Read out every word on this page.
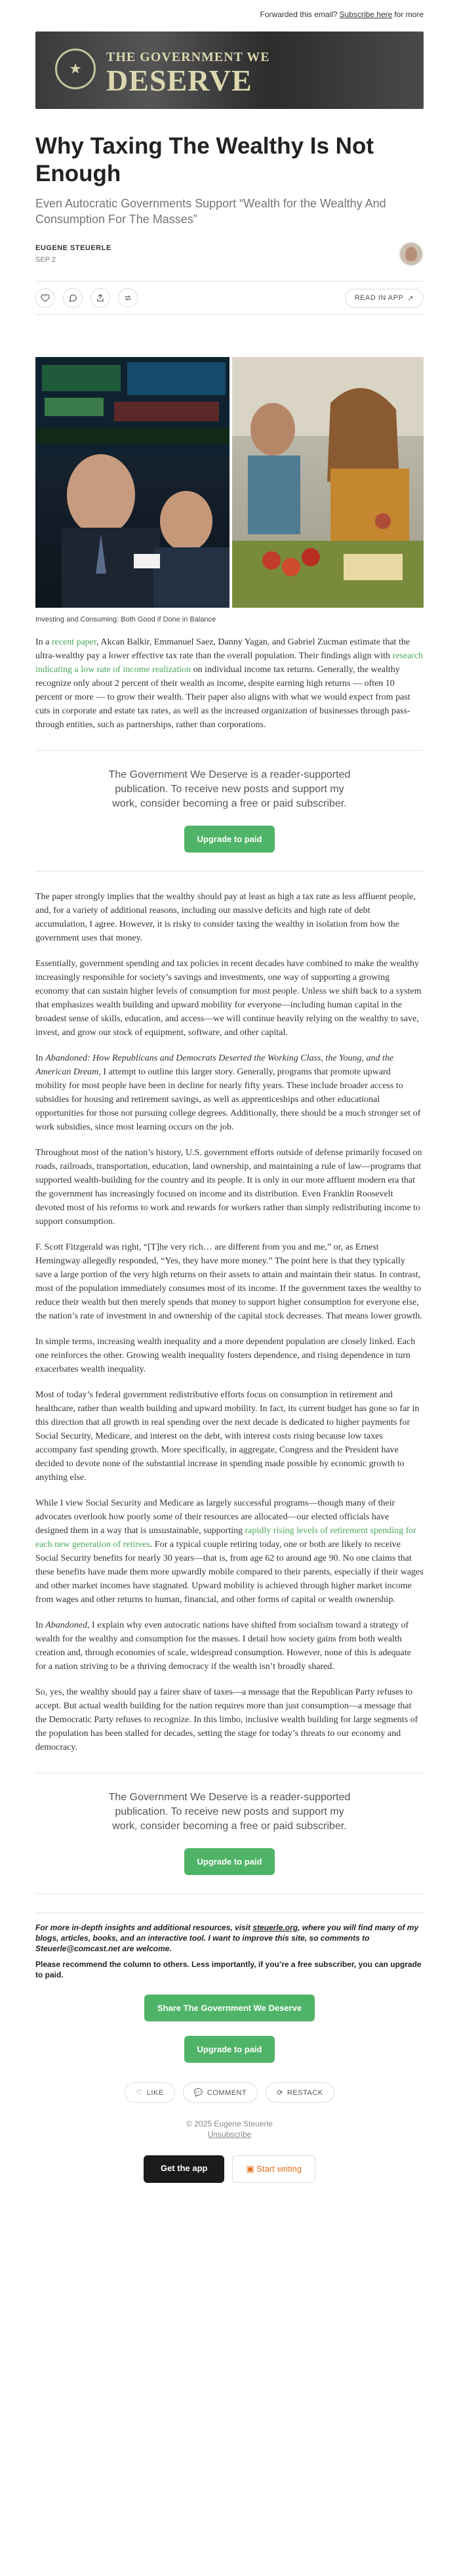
Forwarded this email? Subscribe here for more
★
THE GOVERNMENT WE
DESERVE
Why Taxing The Wealthy Is Not Enough
Even Autocratic Governments Support “Wealth for the Wealthy And Consumption For The Masses”
EUGENE STEUERLE
SEP 2
READ IN APP ↗
Investing and Consuming: Both Good if Done in Balance

In a recent paper, Akcan Balkir, Emmanuel Saez, Danny Yagan, and Gabriel Zucman estimate that the ultra-wealthy pay a lower effective tax rate than the overall population. Their findings align with research indicating a low rate of income realization on individual income tax returns. Generally, the wealthy recognize only about 2 percent of their wealth as income, despite earning high returns — often 10 percent or more — to grow their wealth. Their paper also aligns with what we would expect from past cuts in corporate and estate tax rates, as well as the increased organization of businesses through pass-through entities, such as partnerships, rather than corporations.

The Government We Deserve is a reader-supported publication. To receive new posts and support my work, consider becoming a free or paid subscriber.
Upgrade to paid

The paper strongly implies that the wealthy should pay at least as high a tax rate as less affluent people, and, for a variety of additional reasons, including our massive deficits and high rate of debt accumulation, I agree. However, it is risky to consider taxing the wealthy in isolation from how the government uses that money.

Essentially, government spending and tax policies in recent decades have combined to make the wealthy increasingly responsible for society’s savings and investments, one way of supporting a growing economy that can sustain higher levels of consumption for most people. Unless we shift back to a system that emphasizes wealth building and upward mobility for everyone—including human capital in the broadest sense of skills, education, and access—we will continue heavily relying on the wealthy to save, invest, and grow our stock of equipment, software, and other capital.

In Abandoned: How Republicans and Democrats Deserted the Working Class, the Young, and the American Dream, I attempt to outline this larger story. Generally, programs that promote upward mobility for most people have been in decline for nearly fifty years. These include broader access to subsidies for housing and retirement savings, as well as apprenticeships and other educational opportunities for those not pursuing college degrees. Additionally, there should be a much stronger set of work subsidies, since most learning occurs on the job.

Throughout most of the nation’s history, U.S. government efforts outside of defense primarily focused on roads, railroads, transportation, education, land ownership, and maintaining a rule of law—programs that supported wealth-building for the country and its people. It is only in our more affluent modern era that the government has increasingly focused on income and its distribution. Even Franklin Roosevelt devoted most of his reforms to work and rewards for workers rather than simply redistributing income to support consumption.

F. Scott Fitzgerald was right, “[T]he very rich… are different from you and me,” or, as Ernest Hemingway allegedly responded, “Yes, they have more money.” The point here is that they typically save a large portion of the very high returns on their assets to attain and maintain their status. In contrast, most of the population immediately consumes most of its income. If the government taxes the wealthy to reduce their wealth but then merely spends that money to support higher consumption for everyone else, the nation’s rate of investment in and ownership of the capital stock decreases. That means lower growth.

In simple terms, increasing wealth inequality and a more dependent population are closely linked. Each one reinforces the other. Growing wealth inequality fosters dependence, and rising dependence in turn exacerbates wealth inequality.

Most of today’s federal government redistributive efforts focus on consumption in retirement and healthcare, rather than wealth building and upward mobility. In fact, its current budget has gone so far in this direction that all growth in real spending over the next decade is dedicated to higher payments for Social Security, Medicare, and interest on the debt, with interest costs rising because low taxes accompany fast spending growth. More specifically, in aggregate, Congress and the President have decided to devote none of the substantial increase in spending made possible by economic growth to anything else.

While I view Social Security and Medicare as largely successful programs—though many of their advocates overlook how poorly some of their resources are allocated—our elected officials have designed them in a way that is unsustainable, supporting rapidly rising levels of retirement spending for each new generation of retirees. For a typical couple retiring today, one or both are likely to receive Social Security benefits for nearly 30 years—that is, from age 62 to around age 90. No one claims that these benefits have made them more upwardly mobile compared to their parents, especially if their wages and other market incomes have stagnated. Upward mobility is achieved through higher market income from wages and other returns to human, financial, and other forms of capital or wealth ownership.

In Abandoned, I explain why even autocratic nations have shifted from socialism toward a strategy of wealth for the wealthy and consumption for the masses. I detail how society gains from both wealth creation and, through economies of scale, widespread consumption. However, none of this is adequate for a nation striving to be a thriving democracy if the wealth isn’t broadly shared.

So, yes, the wealthy should pay a fairer share of taxes—a message that the Republican Party refuses to accept. But actual wealth building for the nation requires more than just consumption—a message that the Democratic Party refuses to recognize. In this limbo, inclusive wealth building for large segments of the population has been stalled for decades, setting the stage for today’s threats to our economy and democracy.

The Government We Deserve is a reader-supported publication. To receive new posts and support my work, consider becoming a free or paid subscriber.
Upgrade to paid
For more in-depth insights and additional resources, visit steuerle.org, where you will find many of my blogs, articles, books, and an interactive tool. I want to improve this site, so comments to Steuerle@comcast.net are welcome.

Please recommend the column to others. Less importantly, if you’re a free subscriber, you can upgrade to paid.

Share The Government We Deserve
Upgrade to paid
♡ LIKE	💬 COMMENT	⟳ RESTACK
© 2025 Eugene Steuerle
Unsubscribe
Get the app	▣ Start writing
